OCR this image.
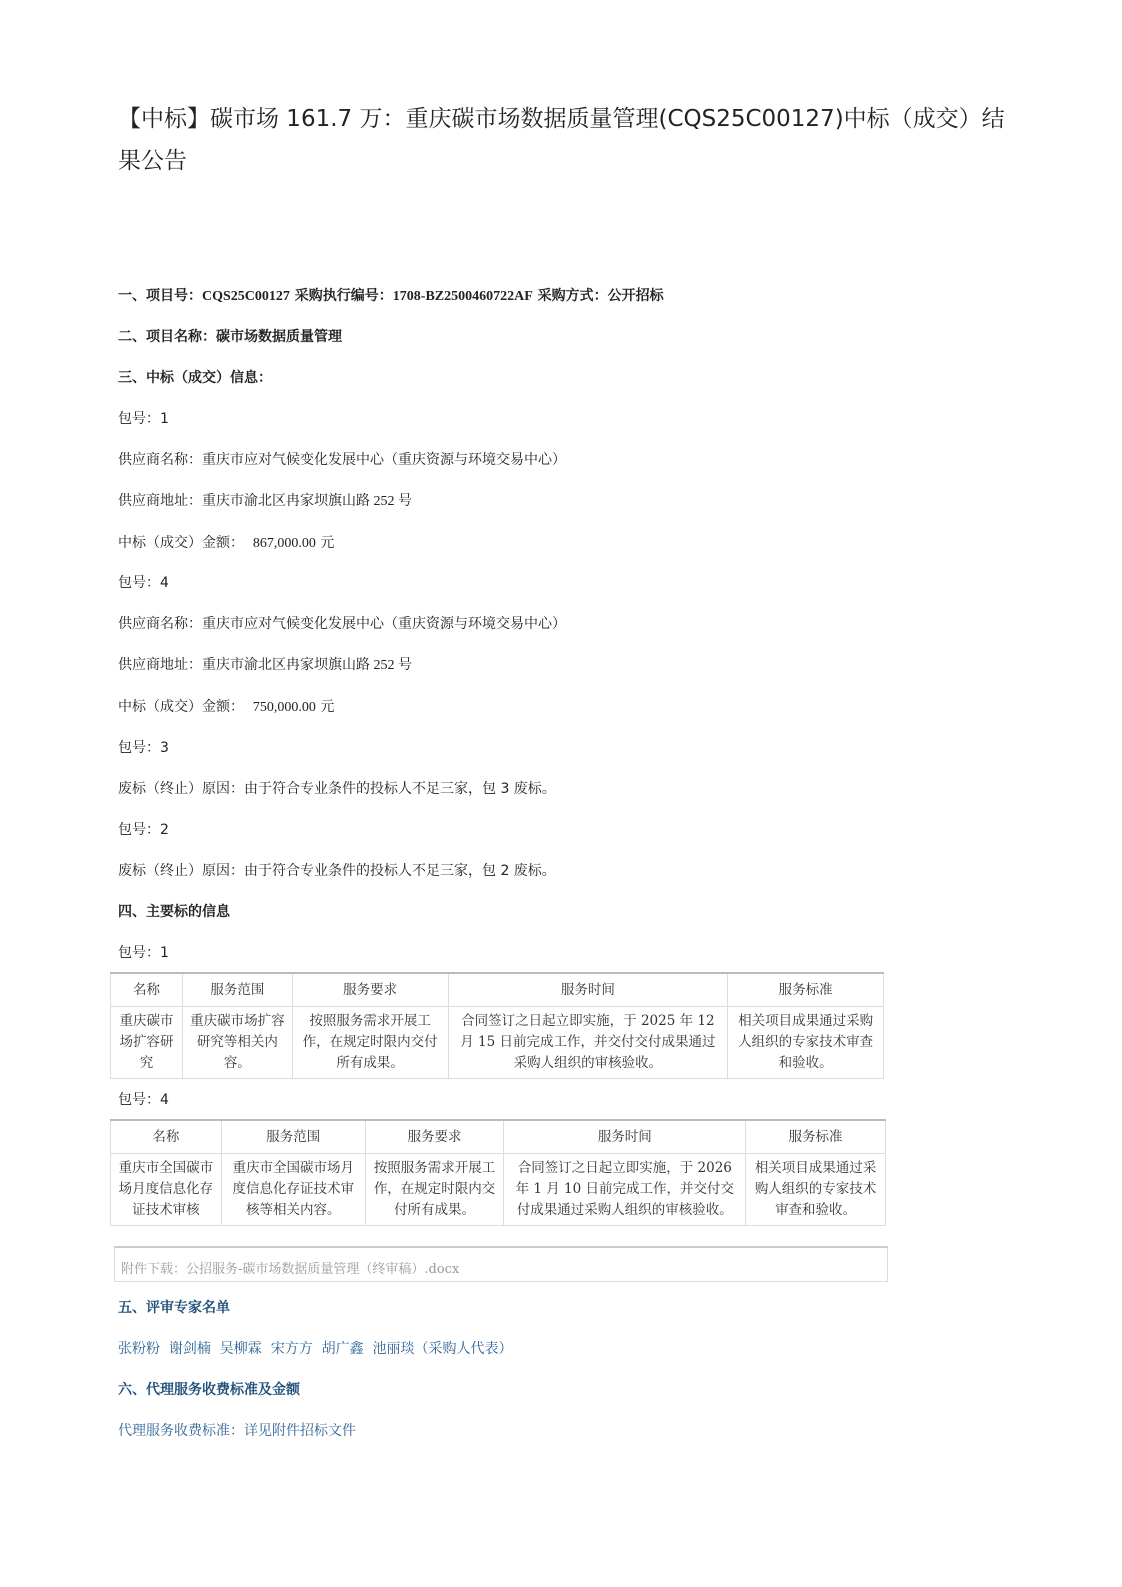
【中标】碳市场 161.7 万：重庆碳市场数据质量管理(CQS25C00127)中标（成交）结果公告
一、项目号：CQS25C00127 采购执行编号：1708-BZ2500460722AF 采购方式：公开招标
二、项目名称：碳市场数据质量管理
三、中标（成交）信息：
包号：1
供应商名称：重庆市应对气候变化发展中心（重庆资源与环境交易中心）
供应商地址：重庆市渝北区冉家坝旗山路 252 号
中标（成交）金额： 867,000.00 元
包号：4
供应商名称：重庆市应对气候变化发展中心（重庆资源与环境交易中心）
供应商地址：重庆市渝北区冉家坝旗山路 252 号
中标（成交）金额： 750,000.00 元
包号：3
废标（终止）原因：由于符合专业条件的投标人不足三家，包 3 废标。
包号：2
废标（终止）原因：由于符合专业条件的投标人不足三家，包 2 废标。
四、主要标的信息
包号：1
名称	服务范围	服务要求	服务时间	服务标准
重庆碳市场扩容研究	重庆碳市场扩容研究等相关内容。	按照服务需求开展工作，在规定时限内交付所有成果。	合同签订之日起立即实施，于 2025 年 12 月 15 日前完成工作，并交付交付成果通过采购人组织的审核验收。	相关项目成果通过采购人组织的专家技术审查和验收。
包号：4
名称	服务范围	服务要求	服务时间	服务标准
重庆市全国碳市场月度信息化存证技术审核	重庆市全国碳市场月度信息化存证技术审核等相关内容。	按照服务需求开展工作，在规定时限内交付所有成果。	合同签订之日起立即实施，于 2026 年 1 月 10 日前完成工作，并交付交付成果通过采购人组织的审核验收。	相关项目成果通过采购人组织的专家技术审查和验收。
附件下载：公招服务-碳市场数据质量管理（终审稿）.docx
五、评审专家名单
张粉粉  谢剑楠  吴柳霖  宋方方  胡广鑫  池丽琰（采购人代表）
六、代理服务收费标准及金额
代理服务收费标准：详见附件招标文件
